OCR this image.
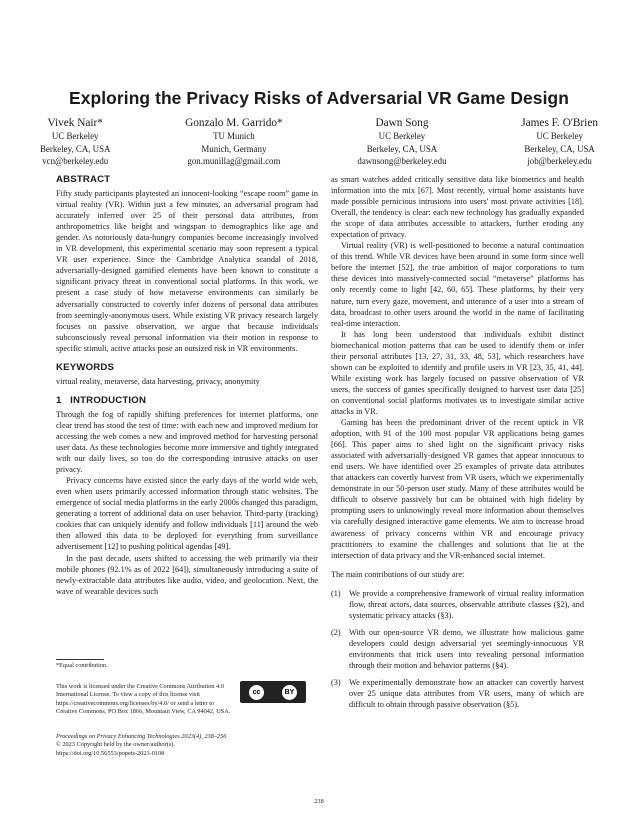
Exploring the Privacy Risks of Adversarial VR Game Design
Vivek Nair*
UC Berkeley
Berkeley, CA, USA
vcn@berkeley.edu
Gonzalo M. Garrido*
TU Munich
Munich, Germany
gon.munillag@gmail.com
Dawn Song
UC Berkeley
Berkeley, CA, USA
dawnsong@berkeley.edu
James F. O'Brien
UC Berkeley
Berkeley, CA, USA
job@berkeley.edu
ABSTRACT

Fifty study participants playtested an innocent-looking “escape room” game in virtual reality (VR). Within just a few minutes, an adversarial program had accurately inferred over 25 of their personal data attributes, from anthropometrics like height and wingspan to demographics like age and gender. As notoriously data-hungry companies become increasingly involved in VR development, this experimental scenario may soon represent a typical VR user experience. Since the Cambridge Analytica scandal of 2018, adversarially-designed gamified elements have been known to constitute a significant privacy threat in conventional social platforms. In this work, we present a case study of how metaverse environments can similarly be adversarially constructed to covertly infer dozens of personal data attributes from seemingly-anonymous users. While existing VR privacy research largely focuses on passive observation, we argue that because individuals subconsciously reveal personal information via their motion in response to specific stimuli, active attacks pose an outsized risk in VR environments.

KEYWORDS

virtual reality, metaverse, data harvesting, privacy, anonymity

1   INTRODUCTION

Through the fog of rapidly shifting preferences for internet platforms, one clear trend has stood the test of time: with each new and improved medium for accessing the web comes a new and improved method for harvesting personal user data. As these technologies become more immersive and tightly integrated with our daily lives, so too do the corresponding intrusive attacks on user privacy.

Privacy concerns have existed since the early days of the world wide web, even when users primarily accessed information through static websites. The emergence of social media platforms in the early 2000s changed this paradigm, generating a torrent of additional data on user behavior. Third-party (tracking) cookies that can uniquely identify and follow individuals [11] around the web then allowed this data to be deployed for everything from surveillance advertisement [12] to pushing political agendas [49].

In the past decade, users shifted to accessing the web primarily via their mobile phones (92.1% as of 2022 [64]), simultaneously introducing a suite of newly-extractable data attributes like audio, video, and geolocation. Next, the wave of wearable devices such

*Equal contribution.
This work is licensed under the Creative Commons Attribution 4.0 International License. To view a copy of this license visit https://creativecommons.org/licenses/by/4.0/ or send a letter to Creative Commons, PO Box 1866, Mountain View, CA 94042, USA.
cc	BY
Proceedings on Privacy Enhancing Technologies 2023(4), 238–256
© 2023 Copyright held by the owner/author(s).
https://doi.org/10.56553/popets-2023-0108

as smart watches added critically sensitive data like biometrics and health information into the mix [67]. Most recently, virtual home assistants have made possible pernicious intrusions into users' most private activities [18]. Overall, the tendency is clear: each new technology has gradually expanded the scope of data attributes accessible to attackers, further eroding any expectation of privacy.

Virtual reality (VR) is well-positioned to become a natural continuation of this trend. While VR devices have been around in some form since well before the internet [52], the true ambition of major corporations to turn these devices into massively-connected social “metaverse” platforms has only recently come to light [42, 60, 65]. These platforms, by their very nature, turn every gaze, movement, and utterance of a user into a stream of data, broadcast to other users around the world in the name of facilitating real-time interaction.

It has long been understood that individuals exhibit distinct biomechanical motion patterns that can be used to identify them or infer their personal attributes [13, 27, 31, 33, 48, 53], which researchers have shown can be exploited to identify and profile users in VR [23, 35, 41, 44]. While existing work has largely focused on passive observation of VR users, the success of games specifically designed to harvest user data [25] on conventional social platforms motivates us to investigate similar active attacks in VR.

Gaming has been the predominant driver of the recent uptick in VR adoption, with 91 of the 100 most popular VR applications being games [66]. This paper aims to shed light on the significant privacy risks associated with adversarially-designed VR games that appear innocuous to end users. We have identified over 25 examples of private data attributes that attackers can covertly harvest from VR users, which we experimentally demonstrate in our 50-person user study. Many of these attributes would be difficult to observe passively but can be obtained with high fidelity by prompting users to unknowingly reveal more information about themselves via carefully designed interactive game elements. We aim to increase broad awareness of privacy concerns within VR and encourage privacy practitioners to examine the challenges and solutions that lie at the intersection of data privacy and the VR-enhanced social internet.

The main contributions of our study are:

(1)	We provide a comprehensive framework of virtual reality information flow, threat actors, data sources, observable attribute classes (§2), and systematic privacy attacks (§3).
(2)	With our open-source VR demo, we illustrate how malicious game developers could design adversarial yet seemingly-innocuous VR environments that trick users into revealing personal information through their motion and behavior patterns (§4).
(3)	We experimentally demonstrate how an attacker can covertly harvest over 25 unique data attributes from VR users, many of which are difficult to obtain through passive observation (§5).
238
